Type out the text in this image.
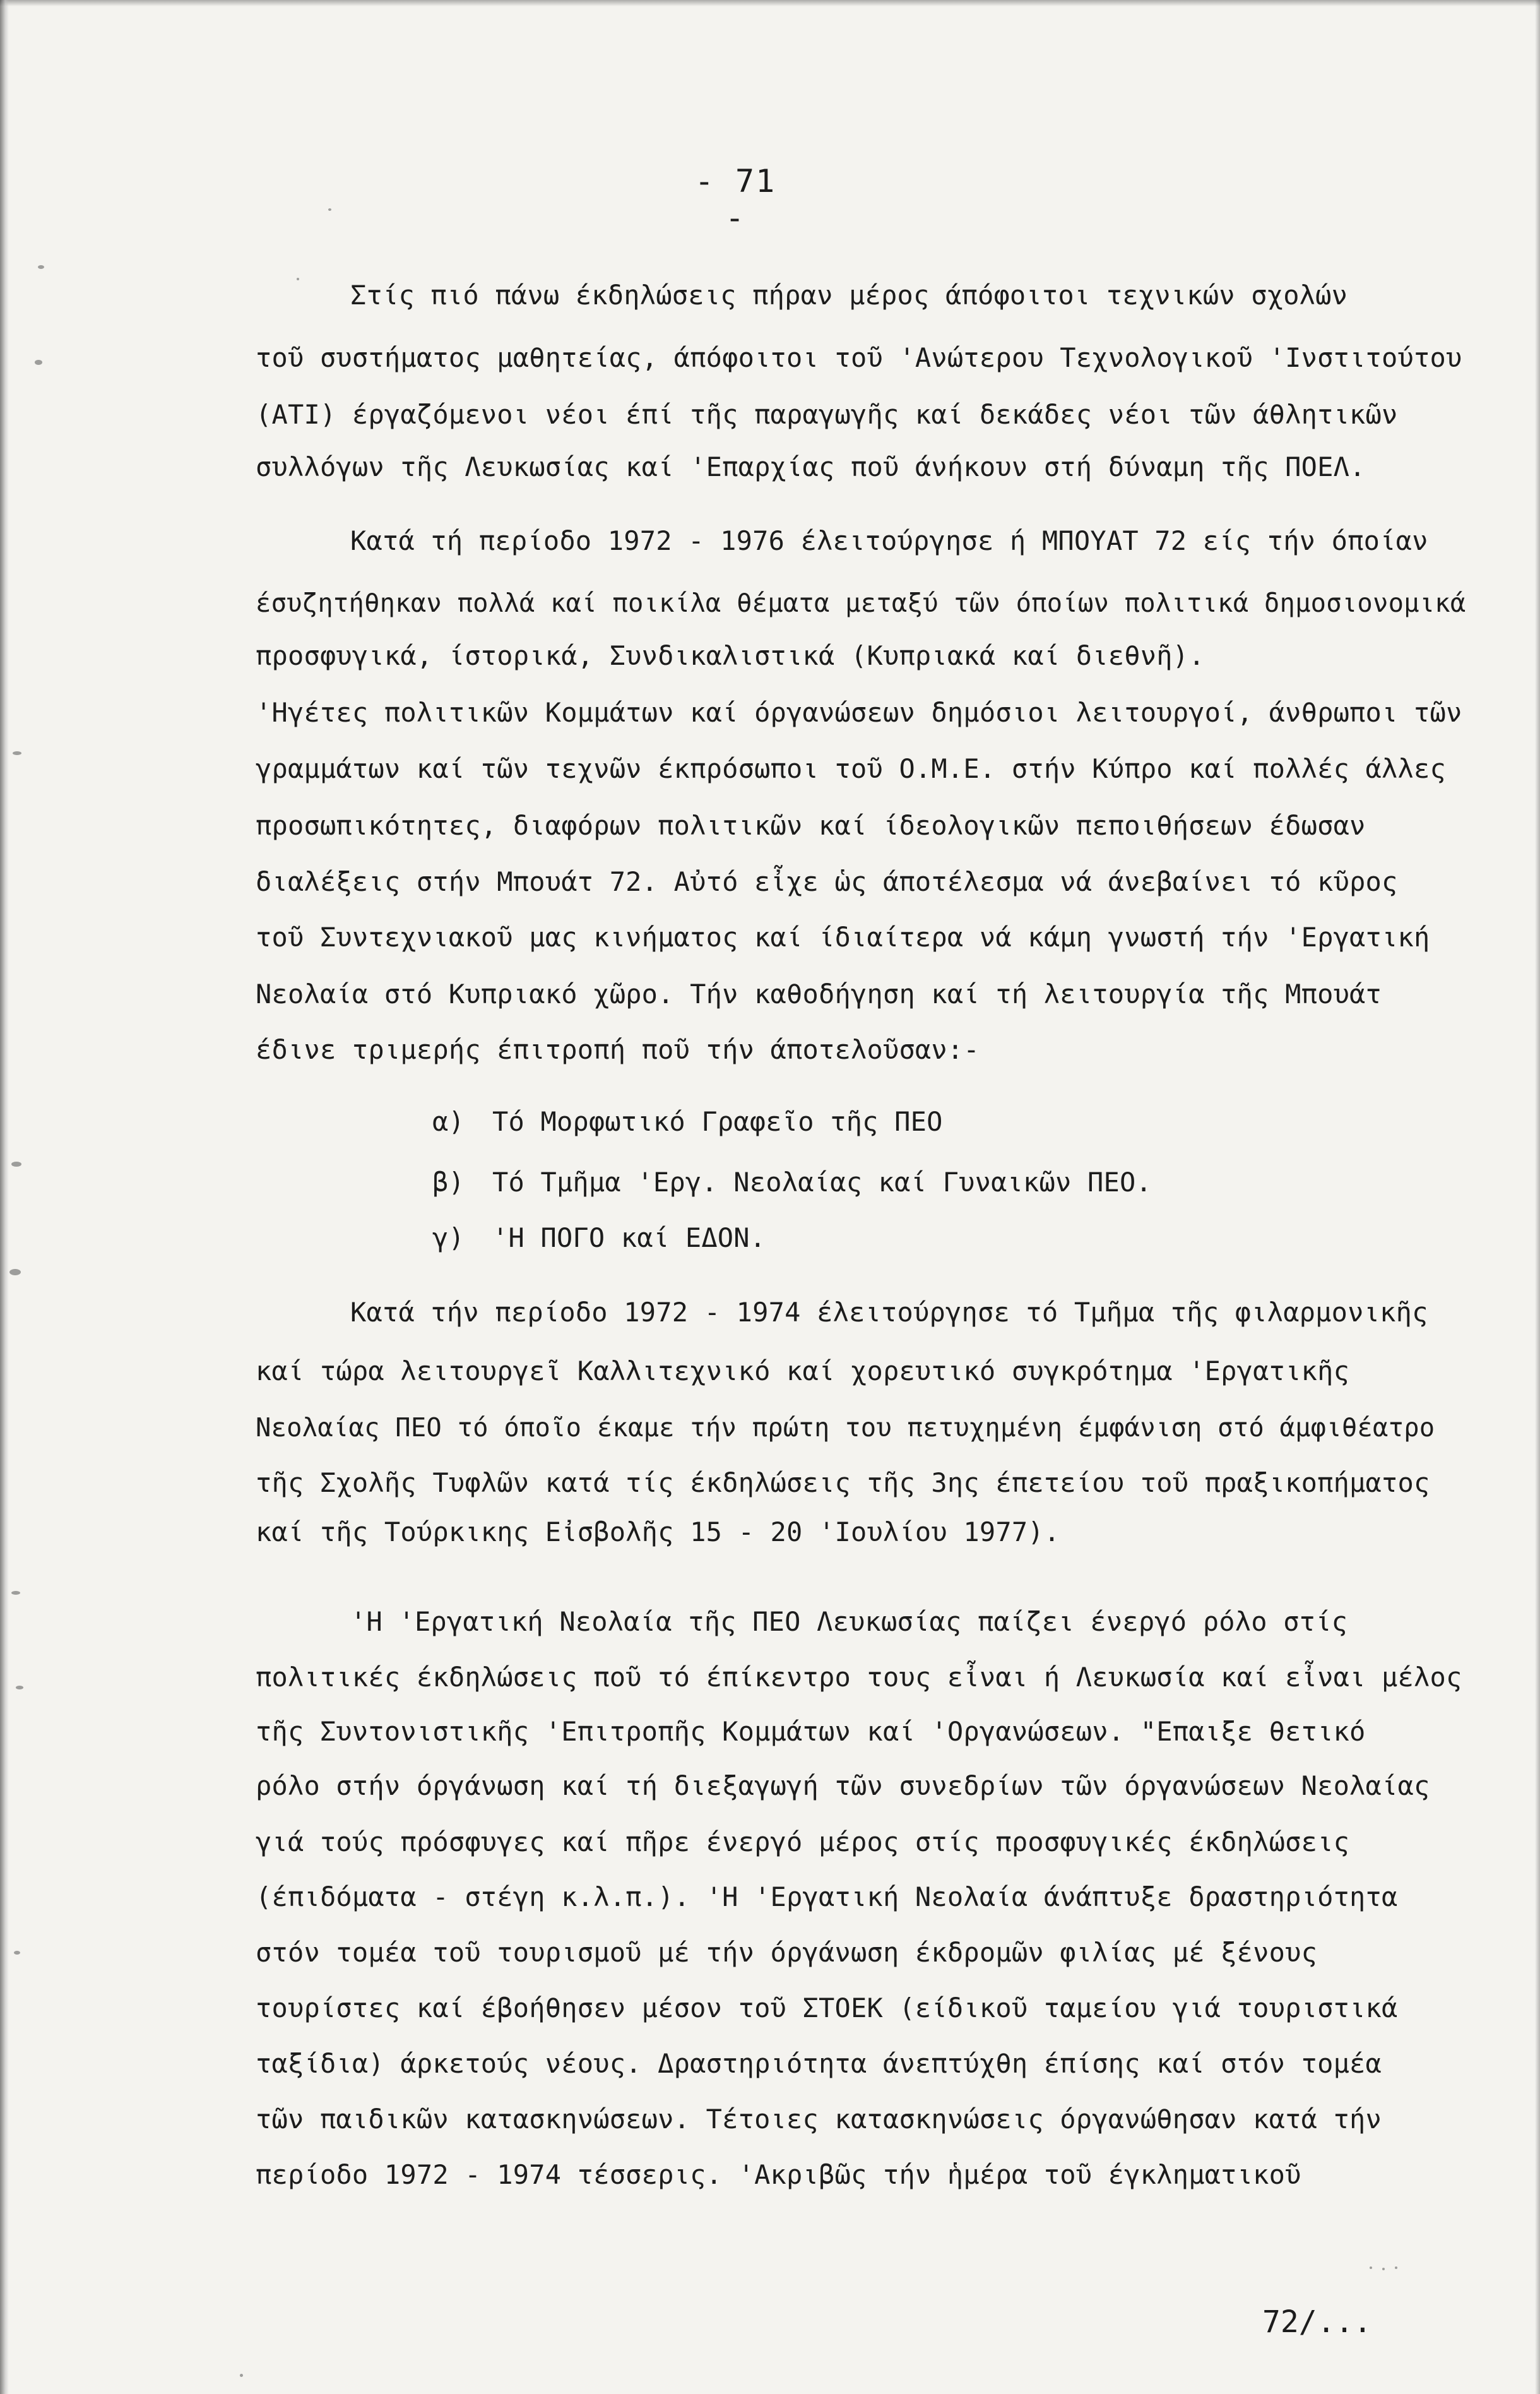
- 71 -
Στίς πιό πάνω έκδηλώσεις πήραν μέρος άπόφοιτοι τεχνικών σχολών
τοῦ συστήματος μαθητείας, άπόφοιτοι τοῦ 'Ανώτερου Τεχνολογικοῦ 'Ινστιτούτου
(ΑΤΙ) έργαζόμενοι νέοι έπί τῆς παραγωγῆς καί δεκάδες νέοι τῶν άθλητικῶν
συλλόγων τῆς Λευκωσίας καί 'Επαρχίας ποῦ άνήκουν στή δύναμη τῆς ΠΟΕΛ.
Κατά τή περίοδο 1972 - 1976 έλειτούργησε ή ΜΠΟΥΑΤ 72 είς τήν όποίαν
έσυζητήθηκαν πολλά καί ποικίλα θέματα μεταξύ τῶν όποίων πολιτικά δημοσιονομικά
προσφυγικά, ίστορικά, Συνδικαλιστικά (Κυπριακά καί διεθνῆ).
'Ηγέτες πολιτικῶν Κομμάτων καί όργανώσεων δημόσιοι λειτουργοί, άνθρωποι τῶν
γραμμάτων καί τῶν τεχνῶν έκπρόσωποι τοῦ Ο.Μ.Ε. στήν Κύπρο καί πολλές άλλες
προσωπικότητες, διαφόρων πολιτικῶν καί ίδεολογικῶν πεποιθήσεων έδωσαν
διαλέξεις στήν Μπουάτ 72. Αὐτό εἶχε ὡς άποτέλεσμα νά άνεβαίνει τό κῦρος
τοῦ Συντεχνιακοῦ μας κινήματος καί ίδιαίτερα νά κάμη γνωστή τήν 'Εργατική
Νεολαία στό Κυπριακό χῶρο. Τήν καθοδήγηση καί τή λειτουργία τῆς Μπουάτ
έδινε τριμερής έπιτροπή ποῦ τήν άποτελοῦσαν:-
α) Τό Μορφωτικό Γραφεῖο τῆς ΠΕΟ
β) Τό Τμῆμα 'Εργ. Νεολαίας καί Γυναικῶν ΠΕΟ.
γ) 'Η ΠΟΓΟ καί ΕΔΟΝ.
Κατά τήν περίοδο 1972 - 1974 έλειτούργησε τό Τμῆμα τῆς φιλαρμονικῆς
καί τώρα λειτουργεῖ Καλλιτεχνικό καί χορευτικό συγκρότημα 'Εργατικῆς
Νεολαίας ΠΕΟ τό όποῖο έκαμε τήν πρώτη του πετυχημένη έμφάνιση στό άμφιθέατρο
τῆς Σχολῆς Τυφλῶν κατά τίς έκδηλώσεις τῆς 3ης έπετείου τοῦ πραξικοπήματος
καί τῆς Τούρκικης Εἰσβολῆς 15 - 20 'Ιουλίου 1977).
'Η 'Εργατική Νεολαία τῆς ΠΕΟ Λευκωσίας παίζει ένεργό ρόλο στίς
πολιτικές έκδηλώσεις ποῦ τό έπίκεντρο τους εἶναι ή Λευκωσία καί εἶναι μέλος
τῆς Συντονιστικῆς 'Επιτροπῆς Κομμάτων καί 'Οργανώσεων. "Επαιξε θετικό
ρόλο στήν όργάνωση καί τή διεξαγωγή τῶν συνεδρίων τῶν όργανώσεων Νεολαίας
γιά τούς πρόσφυγες καί πῆρε ένεργό μέρος στίς προσφυγικές έκδηλώσεις
(έπιδόματα - στέγη κ.λ.π.). 'Η 'Εργατική Νεολαία άνάπτυξε δραστηριότητα
στόν τομέα τοῦ τουρισμοῦ μέ τήν όργάνωση έκδρομῶν φιλίας μέ ξένους
τουρίστες καί έβοήθησεν μέσον τοῦ ΣΤΟΕΚ (είδικοῦ ταμείου γιά τουριστικά
ταξίδια) άρκετούς νέους. Δραστηριότητα άνεπτύχθη έπίσης καί στόν τομέα
τῶν παιδικῶν κατασκηνώσεων. Τέτοιες κατασκηνώσεις όργανώθησαν κατά τήν
περίοδο 1972 - 1974 τέσσερις. 'Ακριβῶς τήν ἡμέρα τοῦ έγκληματικοῦ
72/...
